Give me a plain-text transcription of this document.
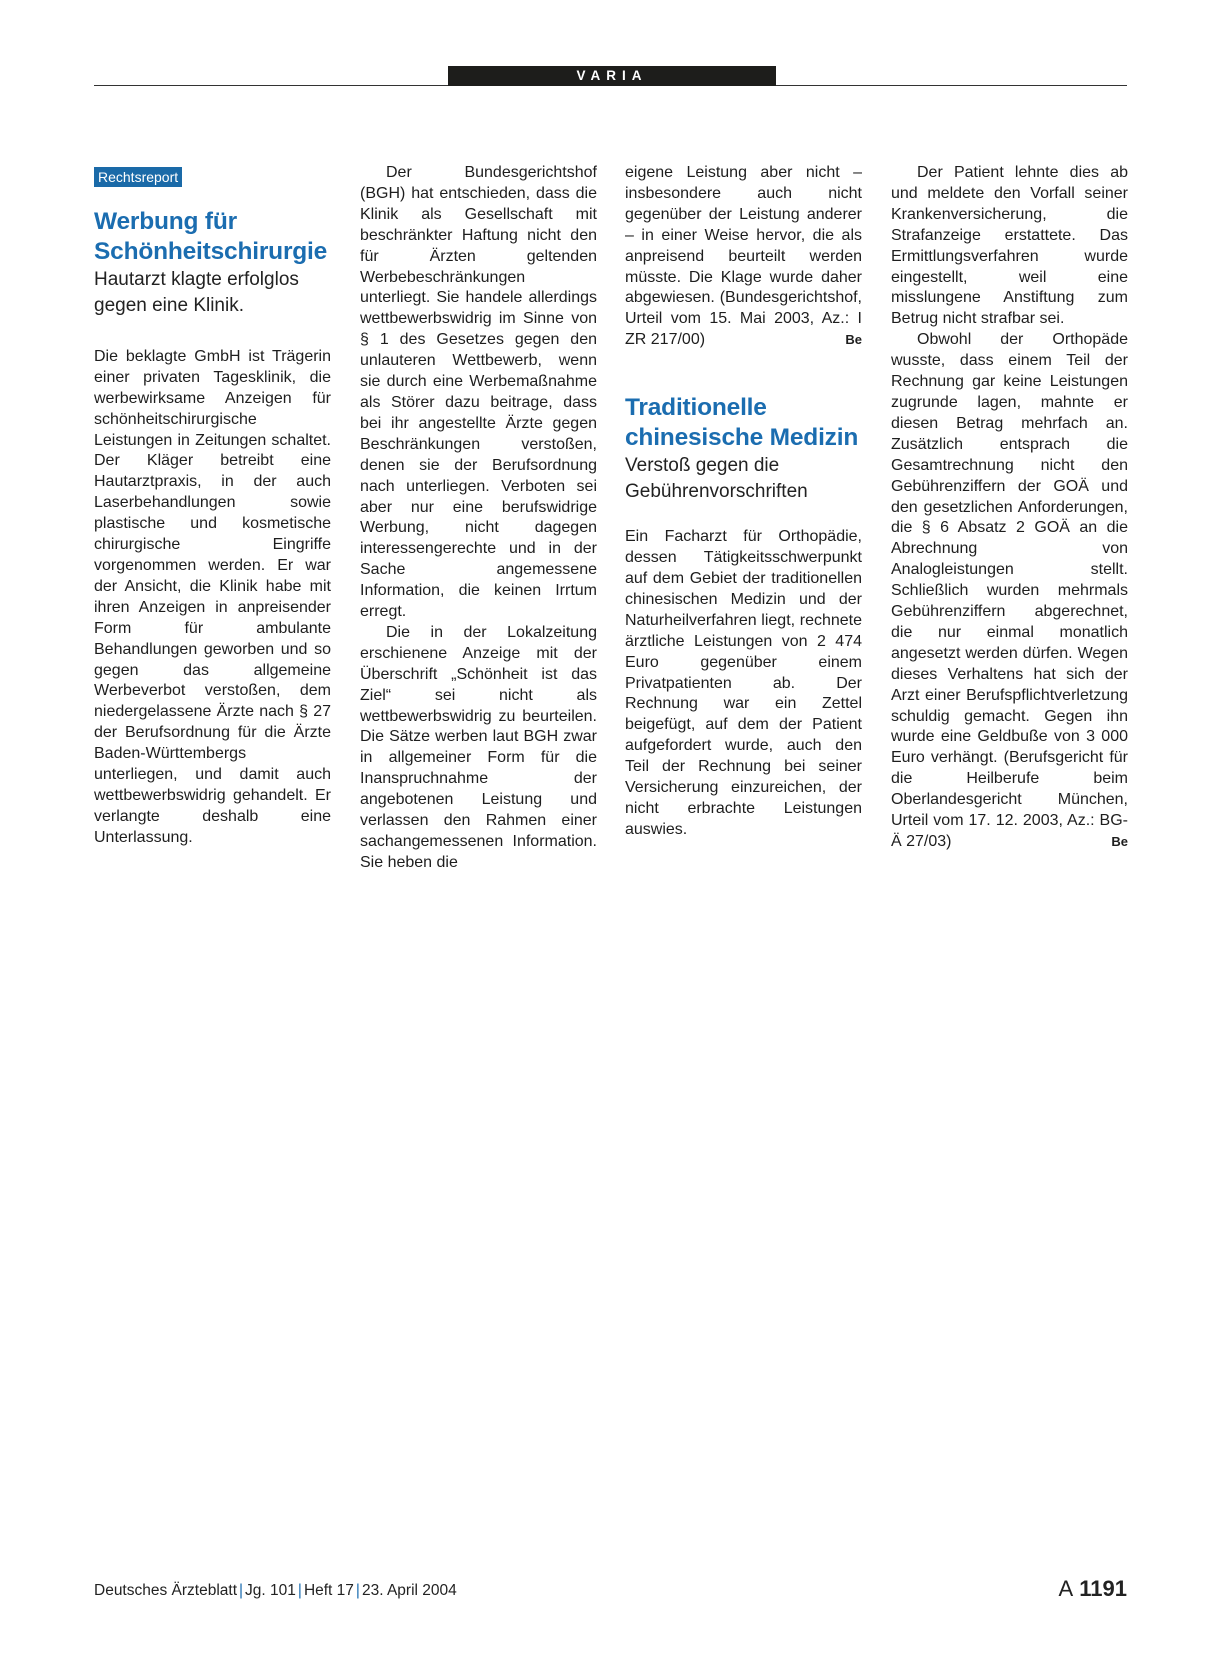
VARIA
Rechtsreport
Werbung für Schönheitschirurgie

Hautarzt klagte erfolglos gegen eine Klinik.

Die beklagte GmbH ist Trägerin einer privaten Tagesklinik, die werbewirksame Anzeigen für schönheitschirurgische Leistungen in Zeitungen schaltet. Der Kläger betreibt eine Hautarztpraxis, in der auch Laserbehandlungen sowie plastische und kosmetische chirurgische Eingriffe vorgenommen werden. Er war der Ansicht, die Klinik habe mit ihren Anzeigen in anpreisender Form für ambulante Behandlungen geworben und so gegen das allgemeine Werbeverbot verstoßen, dem niedergelassene Ärzte nach § 27 der Berufsordnung für die Ärzte Baden-Württembergs unterliegen, und damit auch wettbewerbswidrig gehandelt. Er verlangte deshalb eine Unterlassung.

Der Bundesgerichtshof (BGH) hat entschieden, dass die Klinik als Gesellschaft mit beschränkter Haftung nicht den für Ärzten geltenden Werbebeschränkungen unterliegt. Sie handele allerdings wettbewerbswidrig im Sinne von § 1 des Gesetzes gegen den unlauteren Wettbewerb, wenn sie durch eine Werbemaßnahme als Störer dazu beitrage, dass bei ihr angestellte Ärzte gegen Beschränkungen verstoßen, denen sie der Berufsordnung nach unterliegen. Verboten sei aber nur eine berufswidrige Werbung, nicht dagegen interessengerechte und in der Sache angemessene Information, die keinen Irrtum erregt.

Die in der Lokalzeitung erschienene Anzeige mit der Überschrift „Schönheit ist das Ziel“ sei nicht als wettbewerbswidrig zu beurteilen. Die Sätze werben laut BGH zwar in allgemeiner Form für die Inanspruchnahme der angebotenen Leistung und verlassen den Rahmen einer sachangemessenen Information. Sie heben die

eigene Leistung aber nicht – insbesondere auch nicht gegenüber der Leistung anderer – in einer Weise hervor, die als anpreisend beurteilt werden müsste. Die Klage wurde daher abgewiesen. (Bundesgerichtshof, Urteil vom 15. Mai 2003, Az.: I ZR 217/00)	Be

Traditionelle chinesische Medizin

Verstoß gegen die Gebührenvorschriften

Ein Facharzt für Orthopädie, dessen Tätigkeitsschwerpunkt auf dem Gebiet der traditionellen chinesischen Medizin und der Naturheilverfahren liegt, rechnete ärztliche Leistungen von 2 474 Euro gegenüber einem Privatpatienten ab. Der Rechnung war ein Zettel beigefügt, auf dem der Patient aufgefordert wurde, auch den Teil der Rechnung bei seiner Versicherung einzureichen, der nicht erbrachte Leistungen auswies.

Der Patient lehnte dies ab und meldete den Vorfall seiner Krankenversicherung, die Strafanzeige erstattete. Das Ermittlungsverfahren wurde eingestellt, weil eine misslungene Anstiftung zum Betrug nicht strafbar sei.

Obwohl der Orthopäde wusste, dass einem Teil der Rechnung gar keine Leistungen zugrunde lagen, mahnte er diesen Betrag mehrfach an. Zusätzlich entsprach die Gesamtrechnung nicht den Gebührenziffern der GOÄ und den gesetzlichen Anforderungen, die § 6 Absatz 2 GOÄ an die Abrechnung von Analogleistungen stellt. Schließlich wurden mehrmals Gebührenziffern abgerechnet, die nur einmal monatlich angesetzt werden dürfen. Wegen dieses Verhaltens hat sich der Arzt einer Berufspflichtverletzung schuldig gemacht. Gegen ihn wurde eine Geldbuße von 3 000 Euro verhängt. (Berufsgericht für die Heilberufe beim Oberlandesgericht München, Urteil vom 17. 12. 2003, Az.: BG-Ä 27/03)	Be

Deutsches Ärzteblatt | Jg. 101 | Heft 17 | 23. April 2004	A 1191
